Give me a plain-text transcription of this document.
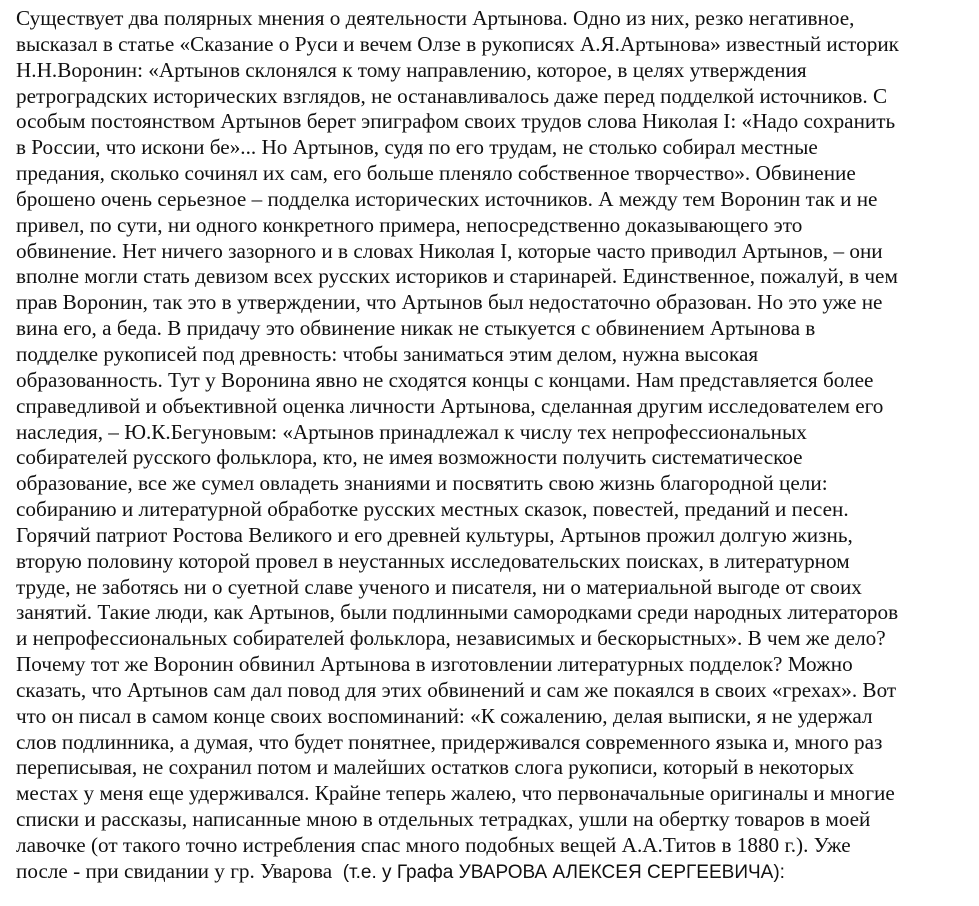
Существует два полярных мнения о деятельности Артынова. Одно из них, резко негативное,
высказал в статье «Сказание о Руси и вечем Олзе в рукописях А.Я.Артынова» известный историк
Н.Н.Воронин: «Артынов склонялся к тому направлению, которое, в целях утверждения
ретроградских исторических взглядов, не останавливалось даже перед подделкой источников. С
особым постоянством Артынов берет эпиграфом своих трудов слова Николая I: «Надо сохранить
в России, что искони бе»... Но Артынов, судя по его трудам, не столько собирал местные
предания, сколько сочинял их сам, его больше пленяло собственное творчество». Обвинение
брошено очень серьезное – подделка исторических источников. А между тем Воронин так и не
привел, по сути, ни одного конкретного примера, непосредственно доказывающего это
обвинение. Нет ничего зазорного и в словах Николая I, которые часто приводил Артынов, – они
вполне могли стать девизом всех русских историков и старинарей. Единственное, пожалуй, в чем
прав Воронин, так это в утверждении, что Артынов был недостаточно образован. Но это уже не
вина его, а беда. В придачу это обвинение никак не стыкуется с обвинением Артынова в
подделке рукописей под древность: чтобы заниматься этим делом, нужна высокая
образованность. Тут у Воронина явно не сходятся концы с концами. Нам представляется более
справедливой и объективной оценка личности Артынова, сделанная другим исследователем его
наследия, – Ю.К.Бегуновым: «Артынов принадлежал к числу тех непрофессиональных
собирателей русского фольклора, кто, не имея возможности получить систематическое
образование, все же сумел овладеть знаниями и посвятить свою жизнь благородной цели:
собиранию и литературной обработке русских местных сказок, повестей, преданий и песен.
Горячий патриот Ростова Великого и его древней культуры, Артынов прожил долгую жизнь,
вторую половину которой провел в неустанных исследовательских поисках, в литературном
труде, не заботясь ни о суетной славе ученого и писателя, ни о материальной выгоде от своих
занятий. Такие люди, как Артынов, были подлинными самородками среди народных литераторов
и непрофессиональных собирателей фольклора, независимых и бескорыстных». В чем же дело?
Почему тот же Воронин обвинил Артынова в изготовлении литературных подделок? Можно
сказать, что Артынов сам дал повод для этих обвинений и сам же покаялся в своих «грехах». Вот
что он писал в самом конце своих воспоминаний: «К сожалению, делая выписки, я не удержал
слов подлинника, а думая, что будет понятнее, придерживался современного языка и, много раз
переписывая, не сохранил потом и малейших остатков слога рукописи, который в некоторых
местах у меня еще удерживался. Крайне теперь жалею, что первоначальные оригиналы и многие
списки и рассказы, написанные мною в отдельных тетрадках, ушли на обертку товаров в моей
лавочке (от такого точно истребления спас много подобных вещей А.А.Титов в 1880 г.). Уже
после - при свидании у гр. Уварова (т.е. у Графа УВАРОВА АЛЕКСЕЯ СЕРГЕЕВИЧА):
